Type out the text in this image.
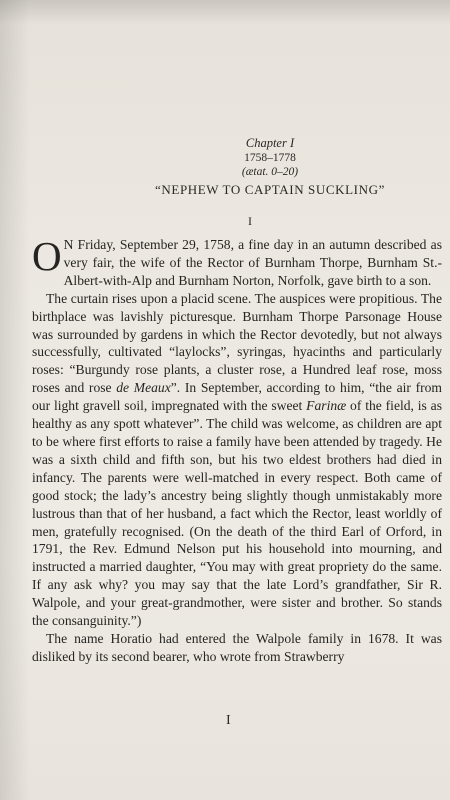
Chapter I
1758–1778
(ætat. 0–20)
“NEPHEW TO CAPTAIN SUCKLING”
I
O N Friday, September 29, 1758, a fine day in an autumn described as very fair, the wife of the Rector of Burnham Thorpe, Burnham St.-Albert-with-Alp and Burnham Norton, Norfolk, gave birth to a son.
The curtain rises upon a placid scene. The auspices were propitious. The birthplace was lavishly picturesque. Burnham Thorpe Parsonage House was surrounded by gardens in which the Rector devotedly, but not always successfully, cultivated “laylocks”, syringas, hyacinths and particularly roses: “Burgundy rose plants, a cluster rose, a Hundred leaf rose, moss roses and rose de Meaux”. In September, according to him, “the air from our light gravell soil, impregnated with the sweet Farinæ of the field, is as healthy as any spott whatever”. The child was welcome, as children are apt to be where first efforts to raise a family have been attended by tragedy. He was a sixth child and fifth son, but his two eldest brothers had died in infancy. The parents were well-matched in every respect. Both came of good stock; the lady’s ancestry being slightly though unmistakably more lustrous than that of her husband, a fact which the Rector, least worldly of men, gratefully recognised. (On the death of the third Earl of Orford, in 1791, the Rev. Edmund Nelson put his household into mourning, and instructed a married daughter, “You may with great propriety do the same. If any ask why? you may say that the late Lord’s grandfather, Sir R. Walpole, and your great-grandmother, were sister and brother. So stands the consanguinity.”)
The name Horatio had entered the Walpole family in 1678. It was disliked by its second bearer, who wrote from Strawberry
I
